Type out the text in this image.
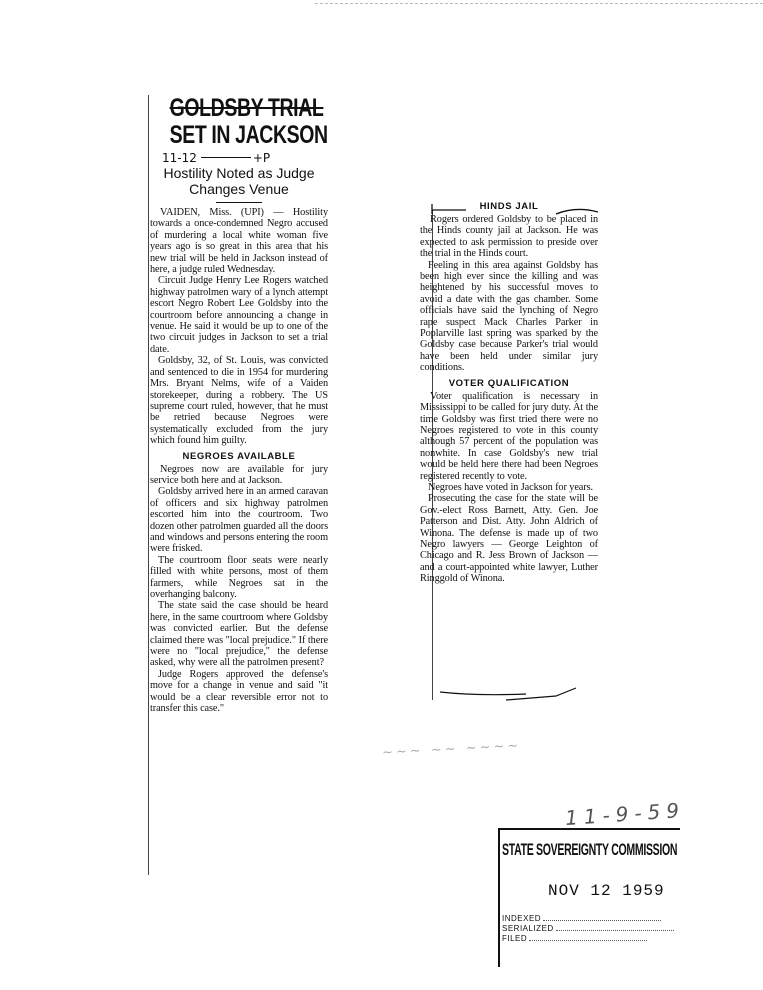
GOLDSBY TRIAL
SET IN JACKSON
11-12	+P

Hostility Noted as Judge

Changes Venue

VAIDEN, Miss. (UPI) — Hostility towards a once-condemned Negro accused of murdering a local white woman five years ago is so great in this area that his new trial will be held in Jackson instead of here, a judge ruled Wednesday.

Circuit Judge Henry Lee Rogers watched highway patrolmen wary of a lynch attempt escort Negro Robert Lee Goldsby into the courtroom before announcing a change in venue. He said it would be up to one of the two circuit judges in Jackson to set a trial date.

Goldsby, 32, of St. Louis, was convicted and sentenced to die in 1954 for murdering Mrs. Bryant Nelms, wife of a Vaiden storekeeper, during a robbery. The US supreme court ruled, however, that he must be retried because Negroes were systematically excluded from the jury which found him guilty.

NEGROES AVAILABLE

Negroes now are available for jury service both here and at Jackson.

Goldsby arrived here in an armed caravan of officers and six highway patrolmen escorted him into the courtroom. Two dozen other patrolmen guarded all the doors and windows and persons entering the room were frisked.

The courtroom floor seats were nearly filled with white persons, most of them farmers, while Negroes sat in the overhanging balcony.

The state said the case should be heard here, in the same courtroom where Goldsby was convicted earlier. But the defense claimed there was "local prejudice." If there were no "local prejudice," the defense asked, why were all the patrolmen present?

Judge Rogers approved the defense's move for a change in venue and said "it would be a clear reversible error not to transfer this case."

HINDS JAIL

Rogers ordered Goldsby to be placed in the Hinds county jail at Jackson. He was expected to ask permission to preside over the trial in the Hinds court.

Feeling in this area against Goldsby has been high ever since the killing and was heightened by his successful moves to avoid a date with the gas chamber. Some officials have said the lynching of Negro rape suspect Mack Charles Parker in Poplarville last spring was sparked by the Goldsby case because Parker's trial would have been held under similar jury conditions.

VOTER QUALIFICATION

Voter qualification is necessary in Mississippi to be called for jury duty. At the time Goldsby was first tried there were no Negroes registered to vote in this county although 57 percent of the population was nonwhite. In case Goldsby's new trial would be held here there had been Negroes registered recently to vote.

Negroes have voted in Jackson for years.

Prosecuting the case for the state will be Gov.-elect Ross Barnett, Atty. Gen. Joe Patterson and Dist. Atty. John Aldrich of Winona. The defense is made up of two Negro lawyers — George Leighton of Chicago and R. Jess Brown of Jackson — and a court-appointed white lawyer, Luther Ringgold of Winona.

~~~ ~~ ~~~~
11-9-59
STATE SOVEREIGNTY COMMISSION
NOV 12 1959
INDEXED
SERIALIZED
FILED
